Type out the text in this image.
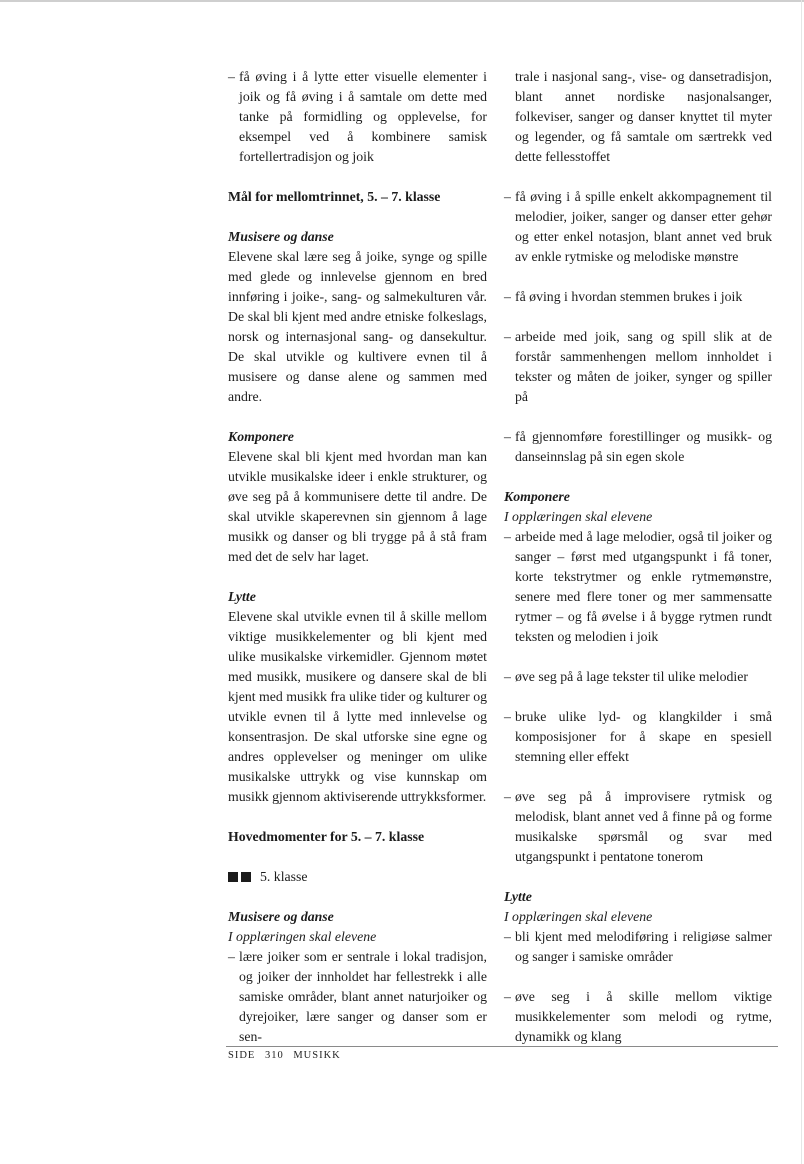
– få øving i å lytte etter visuelle elementer i joik og få øving i å samtale om dette med tanke på formidling og opplevelse, for eksempel ved å kombinere samisk fortellertradisjon og joik

Mål for mellomtrinnet, 5. – 7. klasse

Musisere og danse

Elevene skal lære seg å joike, synge og spille med glede og innlevelse gjennom en bred innføring i joike-, sang- og salmekulturen vår. De skal bli kjent med andre etniske folkeslags, norsk og internasjonal sang- og dansekultur. De skal utvikle og kultivere evnen til å musisere og danse alene og sammen med andre.

Komponere

Elevene skal bli kjent med hvordan man kan utvikle musikalske ideer i enkle strukturer, og øve seg på å kommunisere dette til andre. De skal utvikle skaperevnen sin gjennom å lage musikk og danser og bli trygge på å stå fram med det de selv har laget.

Lytte

Elevene skal utvikle evnen til å skille mellom viktige musikkelementer og bli kjent med ulike musikalske virkemidler. Gjennom møtet med musikk, musikere og dansere skal de bli kjent med musikk fra ulike tider og kulturer og utvikle evnen til å lytte med innlevelse og konsentrasjon. De skal utforske sine egne og andres opplevelser og meninger om ulike musikalske uttrykk og vise kunnskap om musikk gjennom aktiviserende uttrykksformer.

Hovedmomenter for 5. – 7. klasse

5. klasse

Musisere og danse

I opplæringen skal elevene

– lære joiker som er sentrale i lokal tradisjon, og joiker der innholdet har fellestrekk i alle samiske områder, blant annet naturjoiker og dyrejoiker, lære sanger og danser som er sen-
trale i nasjonal sang-, vise- og dansetradisjon, blant annet nordiske nasjonalsanger, folkeviser, sanger og danser knyttet til myter og legender, og få samtale om særtrekk ved dette fellesstoffet
– få øving i å spille enkelt akkompagnement til melodier, joiker, sanger og danser etter gehør og etter enkel notasjon, blant annet ved bruk av enkle rytmiske og melodiske mønstre
– få øving i hvordan stemmen brukes i joik
– arbeide med joik, sang og spill slik at de forstår sammenhengen mellom innholdet i tekster og måten de joiker, synger og spiller på
– få gjennomføre forestillinger og musikk- og danseinnslag på sin egen skole

Komponere

I opplæringen skal elevene

– arbeide med å lage melodier, også til joiker og sanger – først med utgangspunkt i få toner, korte tekstrytmer og enkle rytmemønstre, senere med flere toner og mer sammensatte rytmer – og få øvelse i å bygge rytmen rundt teksten og melodien i joik
– øve seg på å lage tekster til ulike melodier
– bruke ulike lyd- og klangkilder i små komposisjoner for å skape en spesiell stemning eller effekt
– øve seg på å improvisere rytmisk og melodisk, blant annet ved å finne på og forme musikalske spørsmål og svar med utgangspunkt i pentatone tonerom

Lytte

I opplæringen skal elevene

– bli kjent med melodiføring i religiøse salmer og sanger i samiske områder
– øve seg i å skille mellom viktige musikkelementer som melodi og rytme, dynamikk og klang
SIDE 310 MUSIKK
